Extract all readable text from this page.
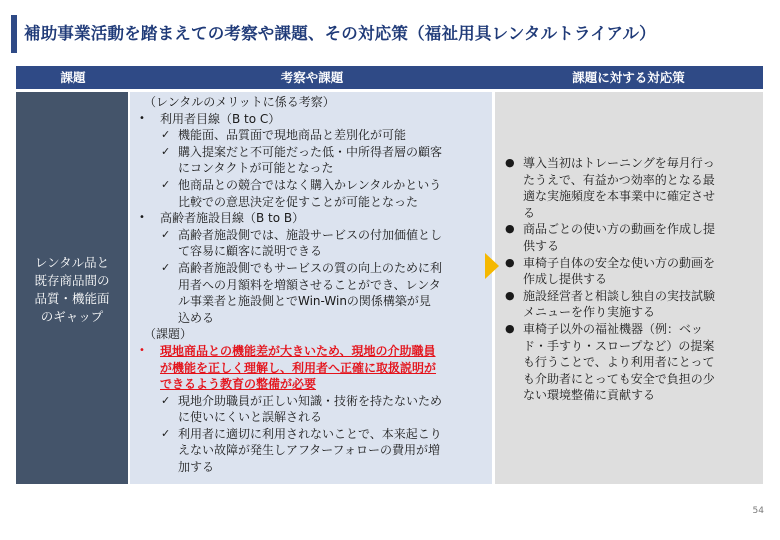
補助事業活動を踏まえての考察や課題、その対応策（福祉用具レンタルトライアル）
課題	考察や課題	課題に対する対応策
レンタル品と
既存商品間の
品質・機能面
のギャップ
（レンタルのメリットに係る考察）
• 利用者目線（B to C）
✓ 機能面、品質面で現地商品と差別化が可能
✓ 購入提案だと不可能だった低・中所得者層の顧客
にコンタクトが可能となった
✓ 他商品との競合ではなく購入かレンタルかという
比較での意思決定を促すことが可能となった
• 高齢者施設目線（B to B）
✓ 高齢者施設側では、施設サービスの付加価値とし
て容易に顧客に説明できる
✓ 高齢者施設側でもサービスの質の向上のために利
用者への月額料を増額させることができ、レンタ
ル事業者と施設側とでWin-Winの関係構築が見
込める
（課題）
• 現地商品との機能差が大きいため、現地の介助職員
が機能を正しく理解し、利用者へ正確に取扱説明が
できるよう教育の整備が必要
✓ 現地介助職員が正しい知識・技術を持たないため
に使いにくいと誤解される
✓ 利用者に適切に利用されないことで、本来起こり
えない故障が発生しアフターフォローの費用が増
加する
● 導入当初はトレーニングを毎月行っ
たうえで、有益かつ効率的となる最
適な実施頻度を本事業中に確定させ
る
● 商品ごとの使い方の動画を作成し提
供する
● 車椅子自体の安全な使い方の動画を
作成し提供する
● 施設経営者と相談し独自の実技試験
メニューを作り実施する
● 車椅子以外の福祉機器（例：ベッ
ド・手すり・スロープなど）の提案
も行うことで、より利用者にとって
も介助者にとっても安全で負担の少
ない環境整備に貢献する
54
